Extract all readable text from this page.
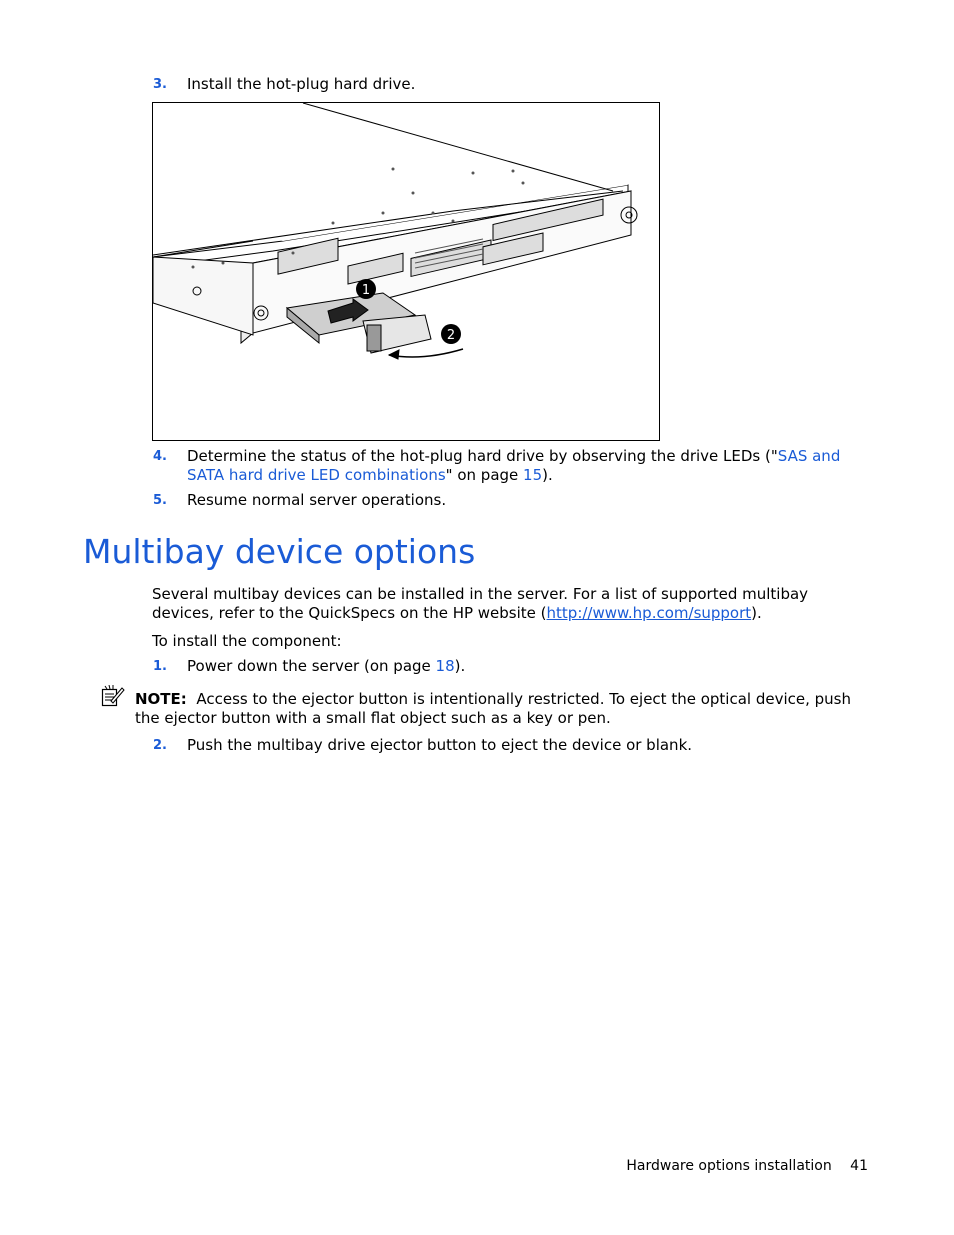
3. Install the hot-plug hard drive.
1
2
4. Determine the status of the hot-plug hard drive by observing the drive LEDs ("SAS and SATA hard drive LED combinations" on page 15).
5. Resume normal server operations.
Multibay device options
Several multibay devices can be installed in the server. For a list of supported multibay devices, refer to the QuickSpecs on the HP website (http://www.hp.com/support).
To install the component:
1. Power down the server (on page 18).
NOTE: Access to the ejector button is intentionally restricted. To eject the optical device, push the ejector button with a small flat object such as a key or pen.
2. Push the multibay drive ejector button to eject the device or blank.
Hardware options installation 41
